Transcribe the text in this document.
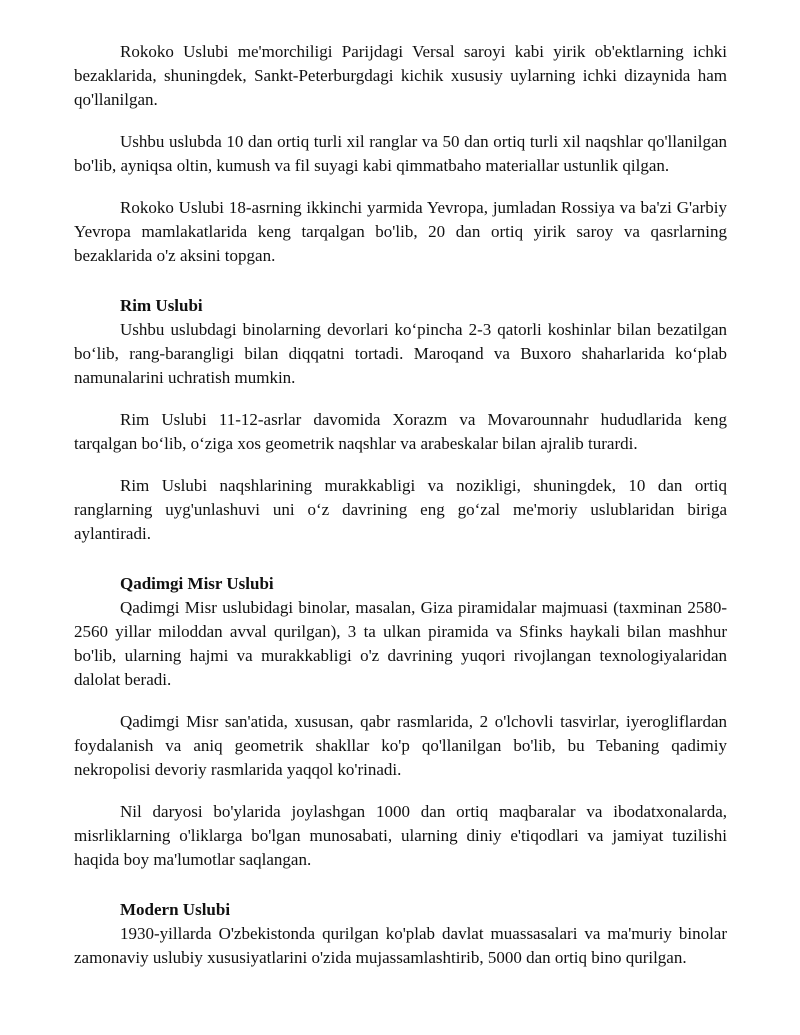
Rokoko Uslubi me'morchiligi Parijdagi Versal saroyi kabi yirik ob'ektlarning ichki bezaklarida, shuningdek, Sankt-Peterburgdagi kichik xususiy uylarning ichki dizaynida ham qo'llanilgan.

Ushbu uslubda 10 dan ortiq turli xil ranglar va 50 dan ortiq turli xil naqshlar qo'llanilgan bo'lib, ayniqsa oltin, kumush va fil suyagi kabi qimmatbaho materiallar ustunlik qilgan.

Rokoko Uslubi 18-asrning ikkinchi yarmida Yevropa, jumladan Rossiya va ba'zi G'arbiy Yevropa mamlakatlarida keng tarqalgan bo'lib, 20 dan ortiq yirik saroy va qasrlarning bezaklarida o'z aksini topgan.

Rim Uslubi

Ushbu uslubdagi binolarning devorlari ko‘pincha 2-3 qatorli koshinlar bilan bezatilgan bo‘lib, rang-barangligi bilan diqqatni tortadi. Maroqand va Buxoro shaharlarida ko‘plab namunalarini uchratish mumkin.

Rim Uslubi 11-12-asrlar davomida Xorazm va Movarounnahr hududlarida keng tarqalgan bo‘lib, o‘ziga xos geometrik naqshlar va arabeskalar bilan ajralib turardi.

Rim Uslubi naqshlarining murakkabligi va nozikligi, shuningdek, 10 dan ortiq ranglarning uyg'unlashuvi uni o‘z davrining eng go‘zal me'moriy uslublaridan biriga aylantiradi.

Qadimgi Misr Uslubi

Qadimgi Misr uslubidagi binolar, masalan, Giza piramidalar majmuasi (taxminan 2580-2560 yillar miloddan avval qurilgan), 3 ta ulkan piramida va Sfinks haykali bilan mashhur bo'lib, ularning hajmi va murakkabligi o'z davrining yuqori rivojlangan texnologiyalaridan dalolat beradi.

Qadimgi Misr san'atida, xususan, qabr rasmlarida, 2 o'lchovli tasvirlar, iyerogliflardan foydalanish va aniq geometrik shakllar ko'p qo'llanilgan bo'lib, bu Tebaning qadimiy nekropolisi devoriy rasmlarida yaqqol ko'rinadi.

Nil daryosi bo'ylarida joylashgan 1000 dan ortiq maqbaralar va ibodatxonalarda, misrliklarning o'liklarga bo'lgan munosabati, ularning diniy e'tiqodlari va jamiyat tuzilishi haqida boy ma'lumotlar saqlangan.

Modern Uslubi

1930-yillarda O'zbekistonda qurilgan ko'plab davlat muassasalari va ma'muriy binolar zamonaviy uslubiy xususiyatlarini o'zida mujassamlashtirib, 5000 dan ortiq bino qurilgan.
